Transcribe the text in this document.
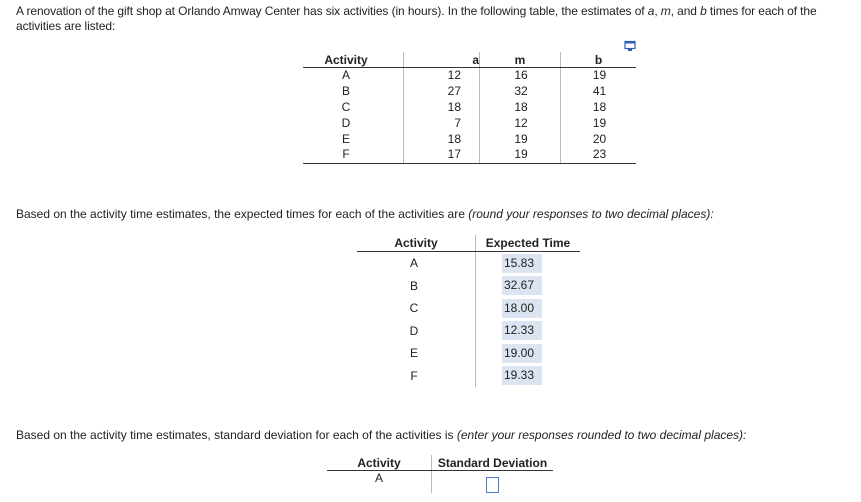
A renovation of the gift shop at Orlando Amway Center has six activities (in hours). In the following table, the estimates of a, m, and b times for each of the activities are listed:
Activity	a	m	b
A	12	16	19
B	27	32	41
C	18	18	18
D	7	12	19
E	18	19	20
F	17	19	23
Based on the activity time estimates, the expected times for each of the activities are (round your responses to two decimal places):
Activity	Expected Time
A	15.83
B	32.67
C	18.00
D	12.33
E	19.00
F	19.33
Based on the activity time estimates, standard deviation for each of the activities is (enter your responses rounded to two decimal places):
Activity	Standard Deviation
A	
